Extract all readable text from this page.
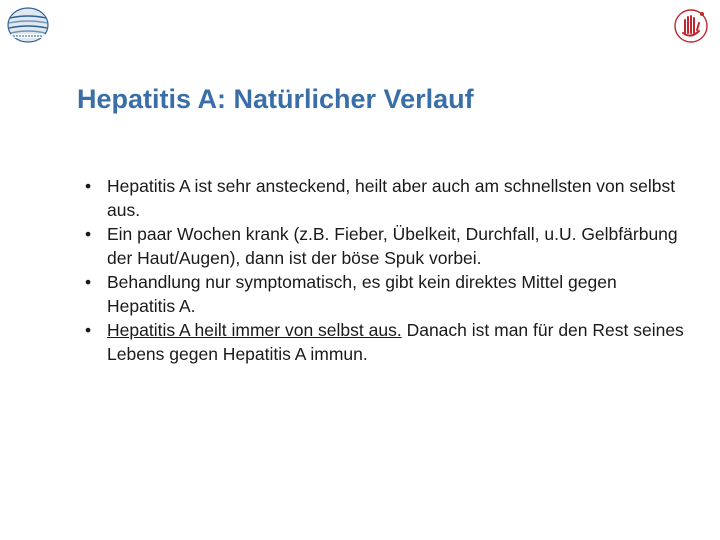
Hepatitis A: Natürlicher Verlauf
• Hepatitis A ist sehr ansteckend, heilt aber auch am schnellsten von selbst aus.
• Ein paar Wochen krank (z.B. Fieber, Übelkeit, Durchfall, u.U. Gelbfärbung der Haut/Augen), dann ist der böse Spuk vorbei.
• Behandlung nur symptomatisch, es gibt kein direktes Mittel gegen Hepatitis A.
• Hepatitis A heilt immer von selbst aus. Danach ist man für den Rest seines Lebens gegen Hepatitis A immun.
